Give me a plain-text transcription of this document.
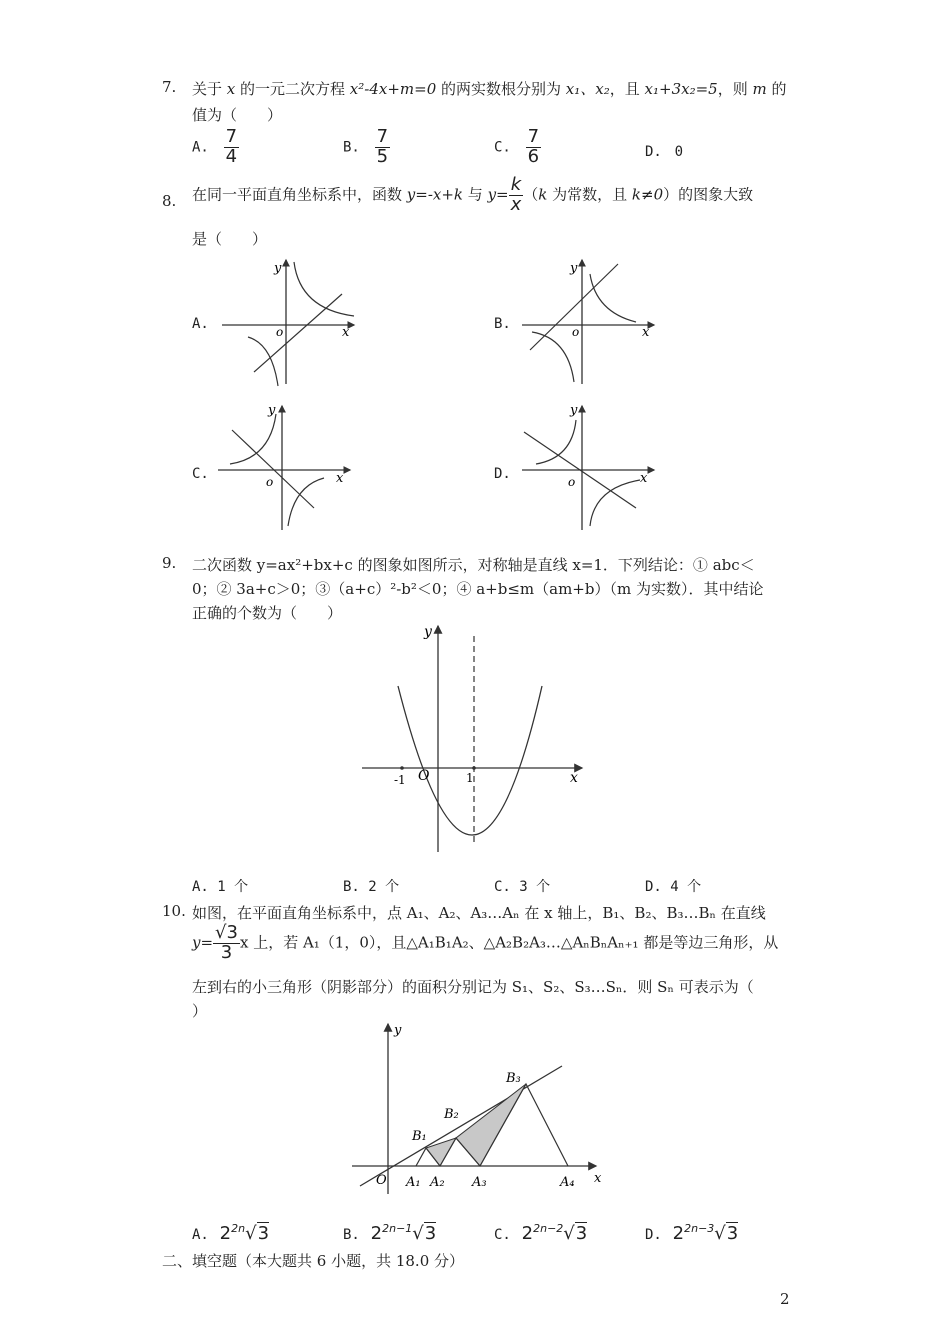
7. 关于 x 的一元二次方程 x²-4x+m=0 的两实数根分别为 x₁、x₂，且 x₁+3x₂=5，则 m 的
值为（　　）
A. $\frac{7}{4}$	B. $\frac{7}{5}$	C. $\frac{7}{6}$	D. 0
8. 在同一平面直角坐标系中，函数 y=-x+k 与 $y= \frac{k}{x} (k$ 为常数，且 k≠0）的图象大致
是（　　）
A.	B.
C.	D.
x
y
o	x
y
o
x
y
o	x
y
o
9. 二次函数 y=ax²+bx+c 的图象如图所示，对称轴是直线 x=1．下列结论：① abc＜
0；② 3a+c＞0；③（a+c）²-b²＜0；④ a+b≤m（am+b）（m 为实数）．其中结论
正确的个数为（　　）
x
y
O
-1	1
A. 1 个	B. 2 个	C. 3 个	D. 4 个
10. 如图，在平面直角坐标系中，点 A₁、A₂、A₃…Aₙ 在 x 轴上，B₁、B₂、B₃…Bₙ 在直线
$y= \frac{√3}{3}$ x 上，若 A₁（1，0），且△A₁B₁A₂、△A₂B₂A₃…△AₙBₙAₙ₊₁ 都是等边三角形，从
左到右的小三角形（阴影部分）的面积分别记为 S₁、S₂、S₃…Sₙ．则 Sₙ 可表示为（
）
x
y
O A₁ A₂ A₃	A₄
B₁
B₂
B₃
A. $2^{2n}√3$	B. $2^{2n-1}√3$	C. $2^{2n-2}√3$	D. $2^{2n-3}√3$
二、填空题（本大题共 6 小题，共 18.0 分）
2
